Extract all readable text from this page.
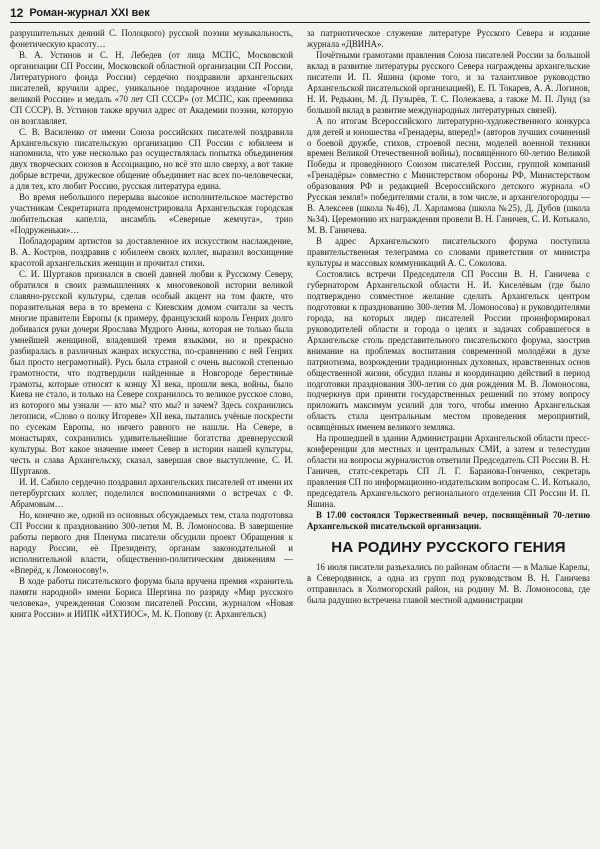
12 Роман-журнал XXI век

разрушительных деяний С. Полоцкого) русской поэзии музыкальность, фонетическую красоту…

В. А. Устинов и С. Н. Лебедев (от лица МСПС, Московской организации СП России, Московской областной организации СП России, Литературного фонда России) сердечно поздравили архангельских писателей, вручили адрес, уникальное подарочное издание «Города великой России» и медаль «70 лет СП СССР» (от МСПС, как преемника СП СССР). В. Устинов также вручил адрес от Академии поэзии, которую он возглавляет.

С. В. Василенко от имени Союза российских писателей поздравила Архангельскую писательскую организацию СП России с юбилеем и напомнила, что уже несколько раз осуществлялась попытка объединения двух творческих союзов в Ассоциацию, но всё это шло сверху, а вот такие добрые встречи, дружеское общение объединяет нас всех по-человечески, а для тех, кто любит Россию, русская литература едина.

Во время небольшого перерыва высокое исполнительское мастерство участникам Секретариата продемонстрировала Архангельская городская любительская капелла, ансамбль «Северные жемчуга», трио «Подруженьки»…

Побладорарим артистов за доставленное их искусством наслаждение, В. А. Костров, поздравив с юбилеем своих коллег, выразил восхищение красотой архангельских женщин и прочитал стихи.

С. И. Шуртаков признался в своей давней любви к Русскому Северу, обратился в своих размышлениях к многовековой истории великой славяно-русской культуры, сделав особый акцент на том факте, что поразительная вера в то времена с Киевским домом считали за честь многие правители Европы (к примеру, французский король Генрих долго добивался руки дочери Ярослава Мудрого Анны, которая не только была умнейшей женщиной, владевшей тремя языками, но и прекрасно разбиралась в различных жанрах искусства, по-сравнению с ней Генрих был просто неграмотный). Русь была страной с очень высокой степенью грамотности, что подтвердили найденные в Новгороде берестяные грамоты, которые относят к концу XI века, прошли века, войны, было Киева не стало, и только на Севере сохранилось то великое русское слово, из которого мы узнали — кто мы? что мы? и зачем? Здесь сохранились летописи, «Слово о полку Игореве» XII века, пытались учёные поскрести по сусекам Европы, но ничего равного не нашли. На Севере, в монастырях, сохранились удивительнейшие богатства древнерусской культуры. Вот какое значение имеет Север в истории нашей культуры, честь и слава Архангельску, сказал, завершая свое выступление, С. И. Шуртаков.

И. И. Сабило сердечно поздравил архангельских писателей от имени их петербургских коллег, поделился воспоминаниями о встречах с Ф. Абрамовым…

Но, конечно же, одной из основных обсуждаемых тем, стала подготовка СП России к празднованию 300-летия М. В. Ломоносова. В завершение работы первого дня Пленума писатели обсудили проект Обращения к народу России, её Президенту, органам законодательной и исполнительной власти, общественно-политическим движениям — «Вперёд, к Ломоносову!».

В ходе работы писательского форума была вручена премия «хранитель памяти народной» имени Бориса Шергина по разряду «Мир русского человека», учрежденная Союзом писателей России, журналом «Новая книга России» и ИИПК «ИХТИОС», М. К. Попову (г. Архангельск)

за патриотическое служение литературе Русского Севера и издание журнала «ДВИНА».

Почётными грамотами правления Союза писателей России за большой вклад в развитие литературы русского Севера награждены архангельские писатели И. П. Яшина (кроме того, и за талантливое руководство Архангельской писательской организацией), Е. П. Токарев, А. А. Логинов, Н. И. Редькин, М. Д. Пузырёв, Т. С. Полежаева, а также М. П. Лунд (за большой вклад в развитие международных литературных связей).

А по итогам Всероссийского литературно-художественного конкурса для детей и юношества «Гренадеры, вперед!» (авторов лучших сочинений о боевой дружбе, стихов, строевой песни, моделей военной техники времен Великой Отечественной войны), посвящённого 60-летию Великой Победы и проведённого Союзом писателей России, группой компаний «Гренадёры» совместно с Министерством обороны РФ, Министерством образования РФ и редакцией Всероссийского детского журнала «О Русская земля!» победителями стали, в том числе, и архангелогородцы — В. Алексеев (школа №46), Л. Харламова (школа №25), Д. Дубов (школа №34). Церемонию их награждения провели В. Н. Ганичев, С. И. Котькало, М. В. Ганичева.

В адрес Архангельского писательского форума поступила правительственная телеграмма со словами приветствия от министра культуры и массовых коммуникаций А. С. Соколова.

Состоялись встречи Председателя СП России В. Н. Ганичева с губернатором Архангельской области Н. И. Киселёвым (где было подтверждено совместное желание сделать Архангельск центром подготовки к празднованию 300-летия М. Ломоносова) и руководителями города, на которых лидер писателей России проинформировал руководителей области и города о целях и задачах собравшегося в Архангельске столь представительного писательского форума, заострив внимание на проблемах воспитания современной молодёжи в духе патриотизма, возрождении традиционных духовных, нравственных основ общественной жизни, обсудил планы и координацию действий в период подготовки празднования 300-летия со дня рождения М. В. Ломоносова, подчеркнув при приняти государственных решений по этому вопросу приложить максимум усилий для того, чтобы именно Архангельская область стала центральным местом проведения мероприятий, освящённых именем великого земляка.

На прошедшей в здании Администрации Архангельской области пресс-конференции для местных и центральных СМИ, а затем и телестудии области на вопросы журналистов ответили Председатель СП России В. Н. Ганичев, статс-секретарь СП Л. Г. Баранова-Гонченко, секретарь правления СП по информационно-издательским вопросам С. И. Котькало, председатель Архангельского регионального отделения СП России И. П. Яшина.

В 17.00 состоялся Торжественный вечер, посвящённый 70-летию Архангельской писательской организации.

НА РОДИНУ РУССКОГО ГЕНИЯ

16 июля писатели разъехались по районам области — в Малые Карелы, в Северодвинск, а одна из групп под руководством В. Н. Ганичева отправилась в Холмогорский район, на родину М. В. Ломоносова, где была радушно встречена главой местной администрации
